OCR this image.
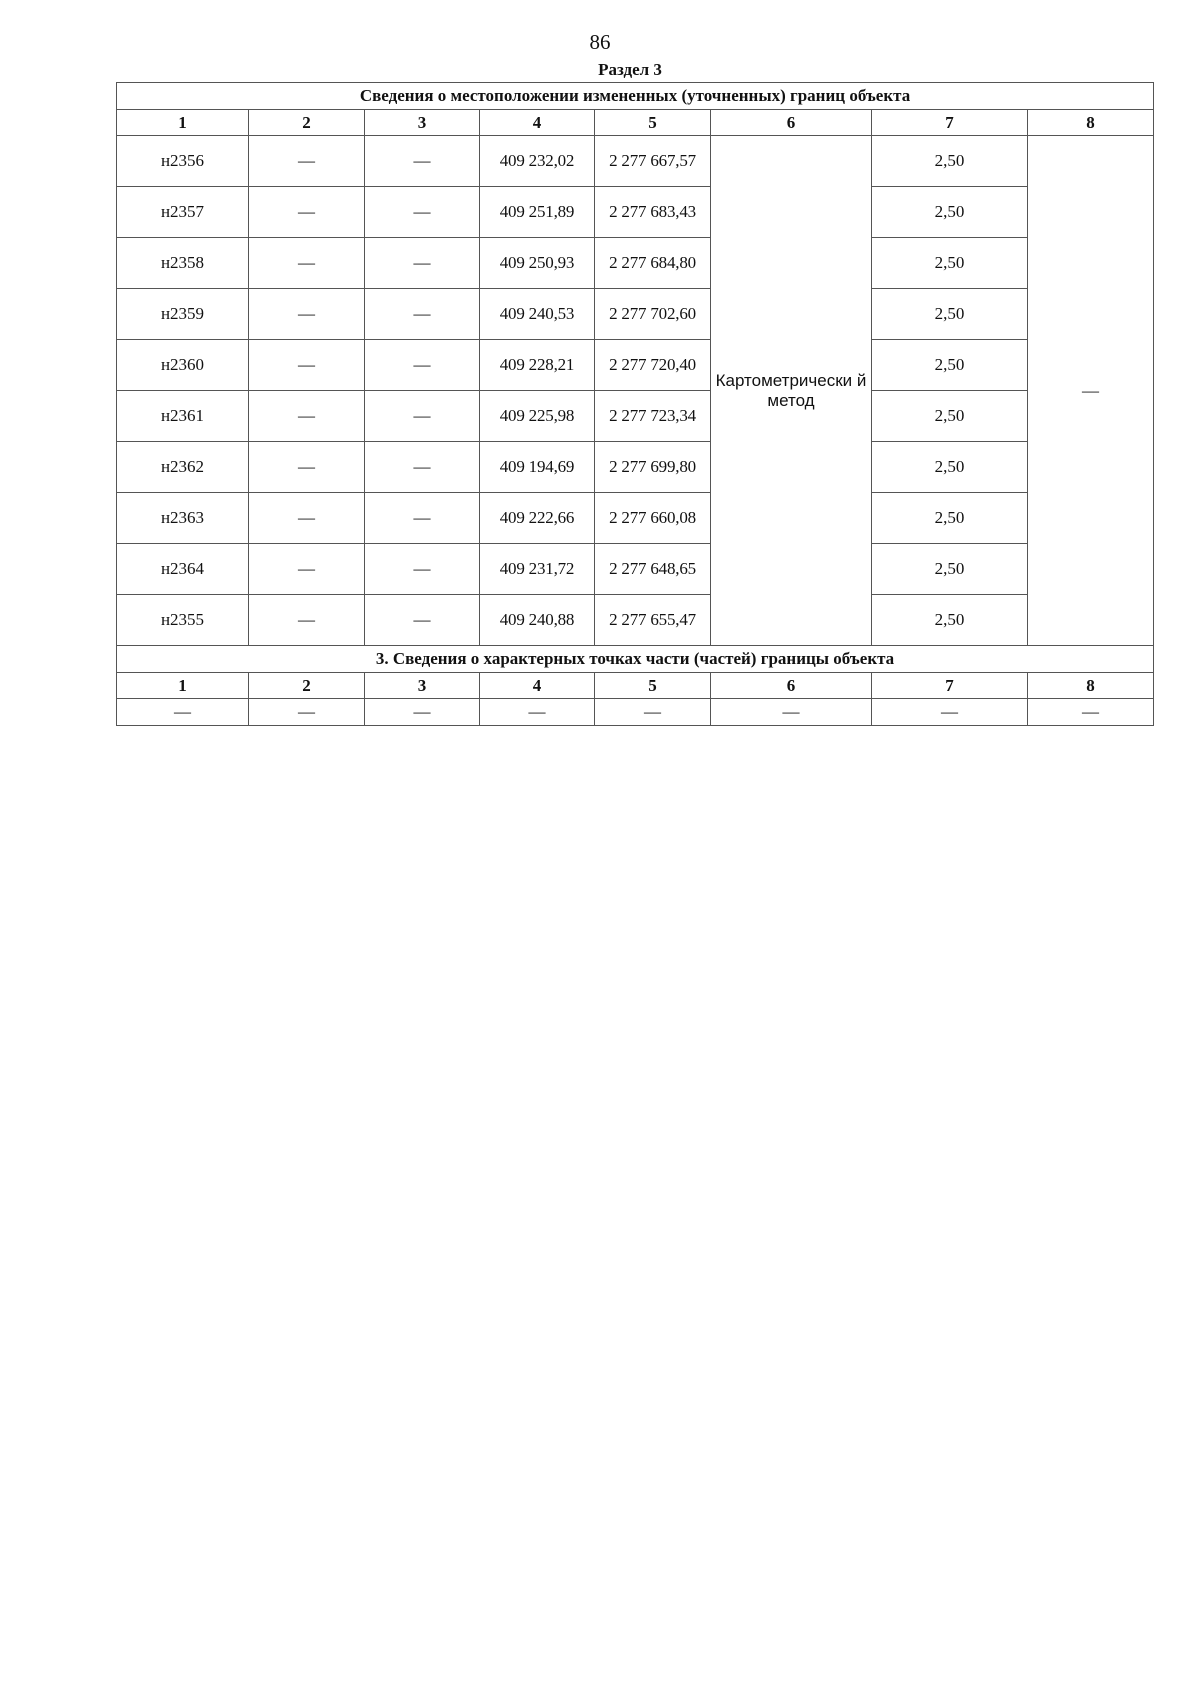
86
Раздел 3
Сведения о местоположении измененных (уточненных) границ объекта							
1	2	3	4	5	6	7	8
н2356	—	—	409 232,02	2 277 667,57	Картометрически й метод	2,50	—
н2357	—	—	409 251,89	2 277 683,43		2,50	
н2358	—	—	409 250,93	2 277 684,80		2,50	
н2359	—	—	409 240,53	2 277 702,60		2,50	
н2360	—	—	409 228,21	2 277 720,40		2,50	
н2361	—	—	409 225,98	2 277 723,34		2,50	
н2362	—	—	409 194,69	2 277 699,80		2,50	
н2363	—	—	409 222,66	2 277 660,08		2,50	
н2364	—	—	409 231,72	2 277 648,65		2,50	
н2355	—	—	409 240,88	2 277 655,47		2,50	
3. Сведения о характерных точках части (частей) границы объекта							
1	2	3	4	5	6	7	8
—	—	—	—	—	—	—	—
